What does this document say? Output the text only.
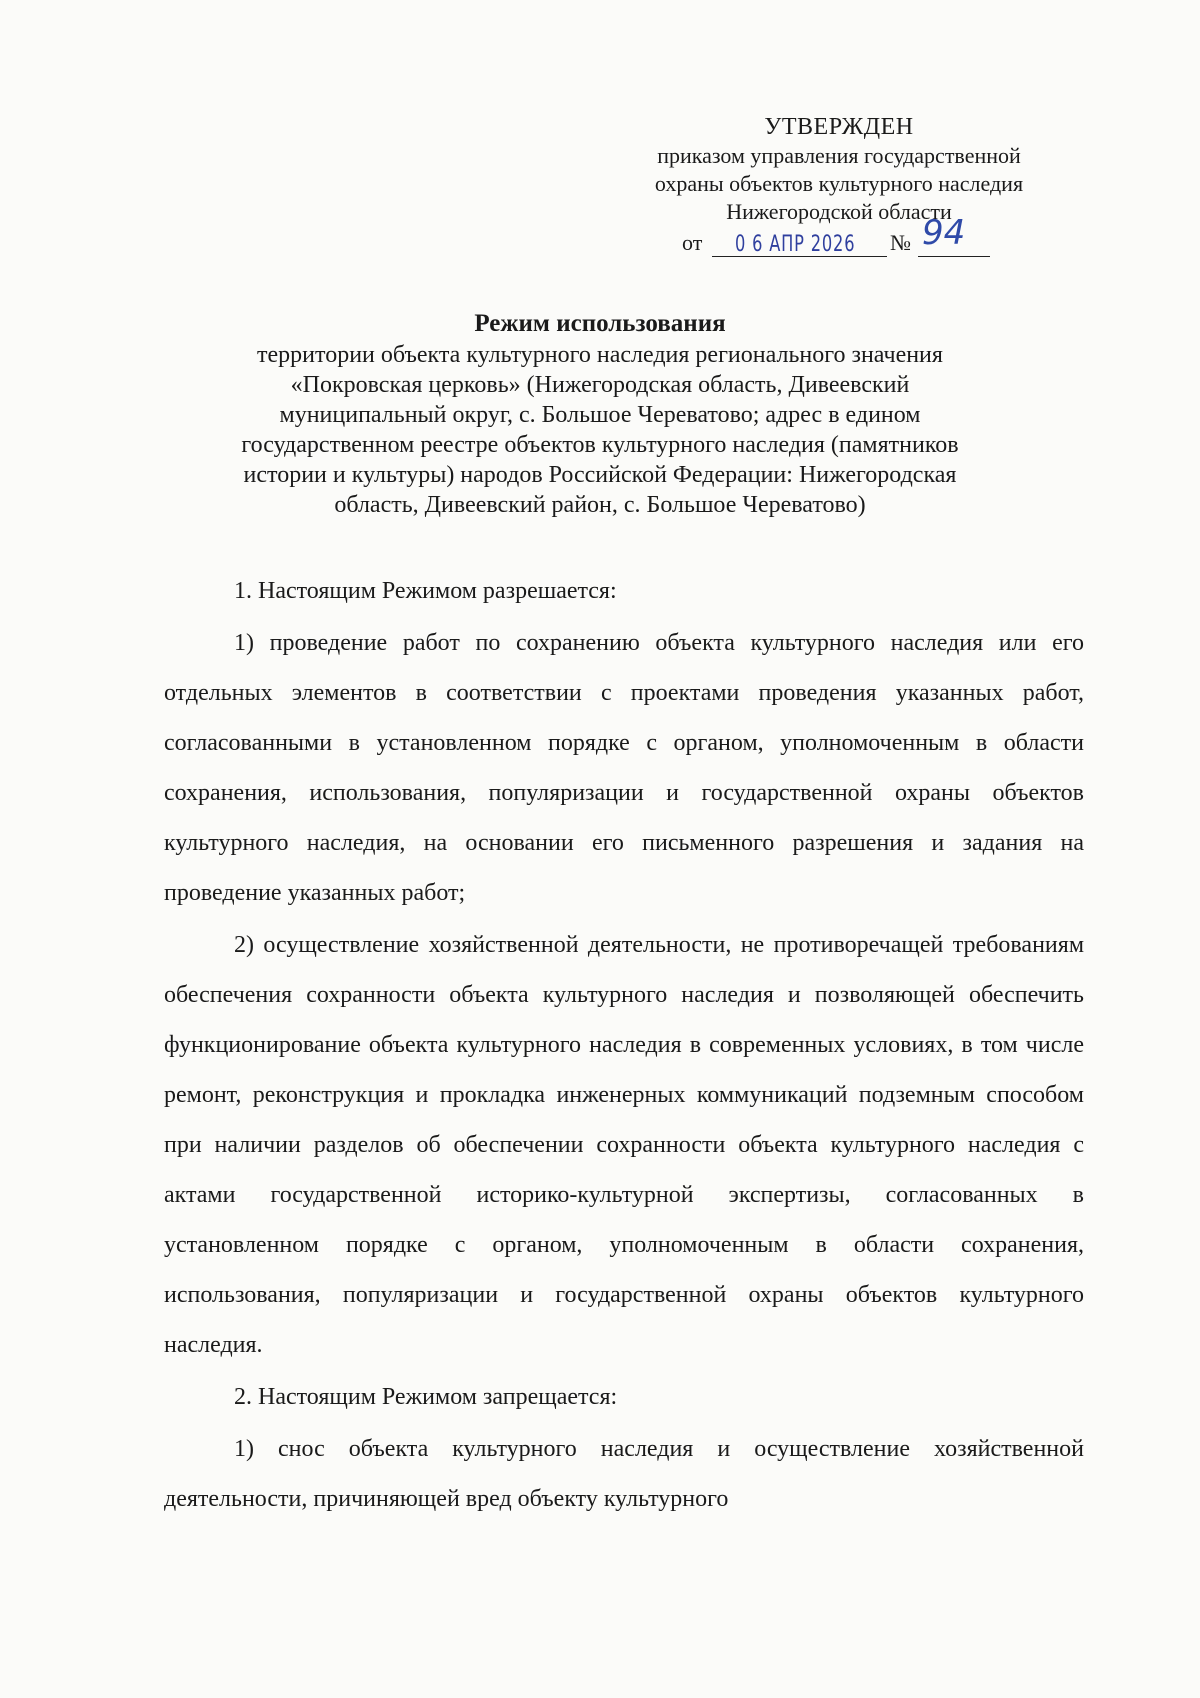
УТВЕРЖДЕН
приказом управления государственной
охраны объектов культурного наследия
Нижегородской области
от 0 6 АПР 2026 № 94
Режим использования
территории объекта культурного наследия регионального значения
«Покровская церковь» (Нижегородская область, Дивеевский
муниципальный округ, с. Большое Череватово; адрес в едином
государственном реестре объектов культурного наследия (памятников
истории и культуры) народов Российской Федерации: Нижегородская
область, Дивеевский район, с. Большое Череватово)

1. Настоящим Режимом разрешается:

1) проведение работ по сохранению объекта культурного наследия или его отдельных элементов в соответствии с проектами проведения указанных работ, согласованными в установленном порядке с органом, уполномоченным в области сохранения, использования, популяризации и государственной охраны объектов культурного наследия, на основании его письменного разрешения и задания на проведение указанных работ;

2) осуществление хозяйственной деятельности, не противоречащей требованиям обеспечения сохранности объекта культурного наследия и позволяющей обеспечить функционирование объекта культурного наследия в современных условиях, в том числе ремонт, реконструкция и прокладка инженерных коммуникаций подземным способом при наличии разделов об обеспечении сохранности объекта культурного наследия с актами государственной историко-культурной экспертизы, согласованных в установленном порядке с органом, уполномоченным в области сохранения, использования, популяризации и государственной охраны объектов культурного наследия.

2. Настоящим Режимом запрещается:

1) снос объекта культурного наследия и осуществление хозяйственной деятельности, причиняющей вред объекту культурного
